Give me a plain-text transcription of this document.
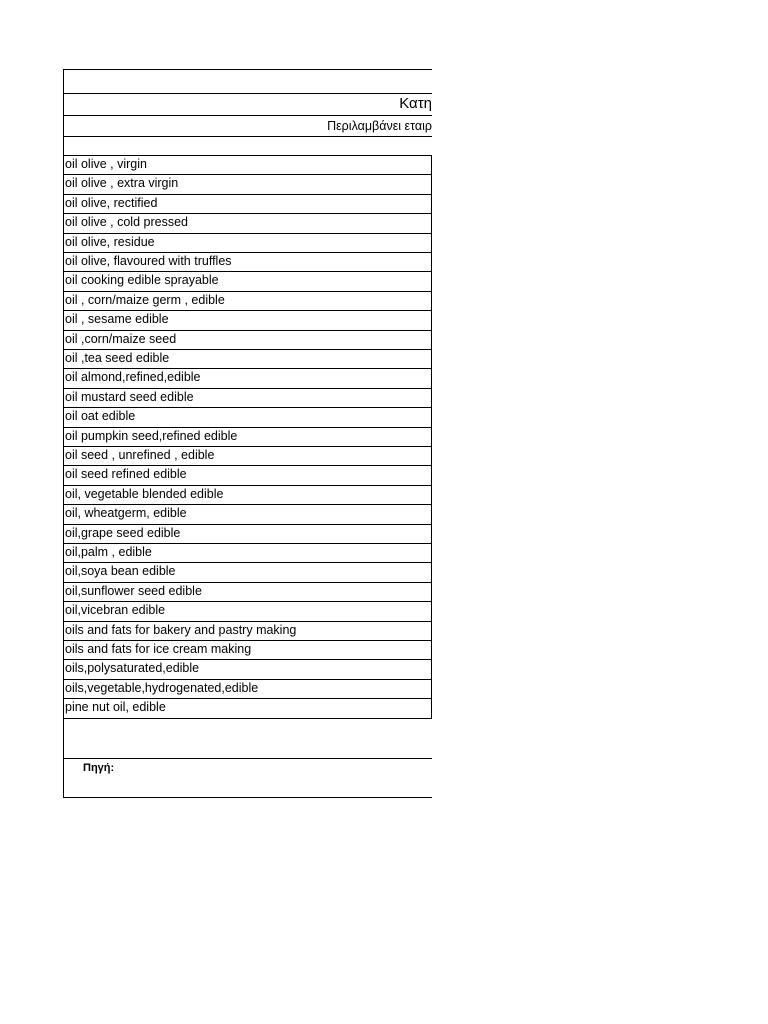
Κατη
Περιλαμβάνει εταιρ
oil olive , virgin
oil olive , extra virgin
oil olive, rectified
oil olive , cold pressed
oil olive, residue
oil olive, flavoured with truffles
oil cooking edible sprayable
oil , corn/maize germ , edible
oil , sesame edible
oil ,corn/maize seed
oil ,tea seed edible
oil almond,refined,edible
oil mustard seed edible
oil oat edible
oil pumpkin seed,refined edible
oil seed , unrefined , edible
oil seed refined edible
oil, vegetable blended edible
oil, wheatgerm, edible
oil,grape seed edible
oil,palm , edible
oil,soya bean edible
oil,sunflower seed edible
oil,vicebran edible
oils and fats for bakery and pastry making
oils and fats for ice cream making
oils,polysaturated,edible
oils,vegetable,hydrogenated,edible
pine nut oil, edible
Πηγή:
